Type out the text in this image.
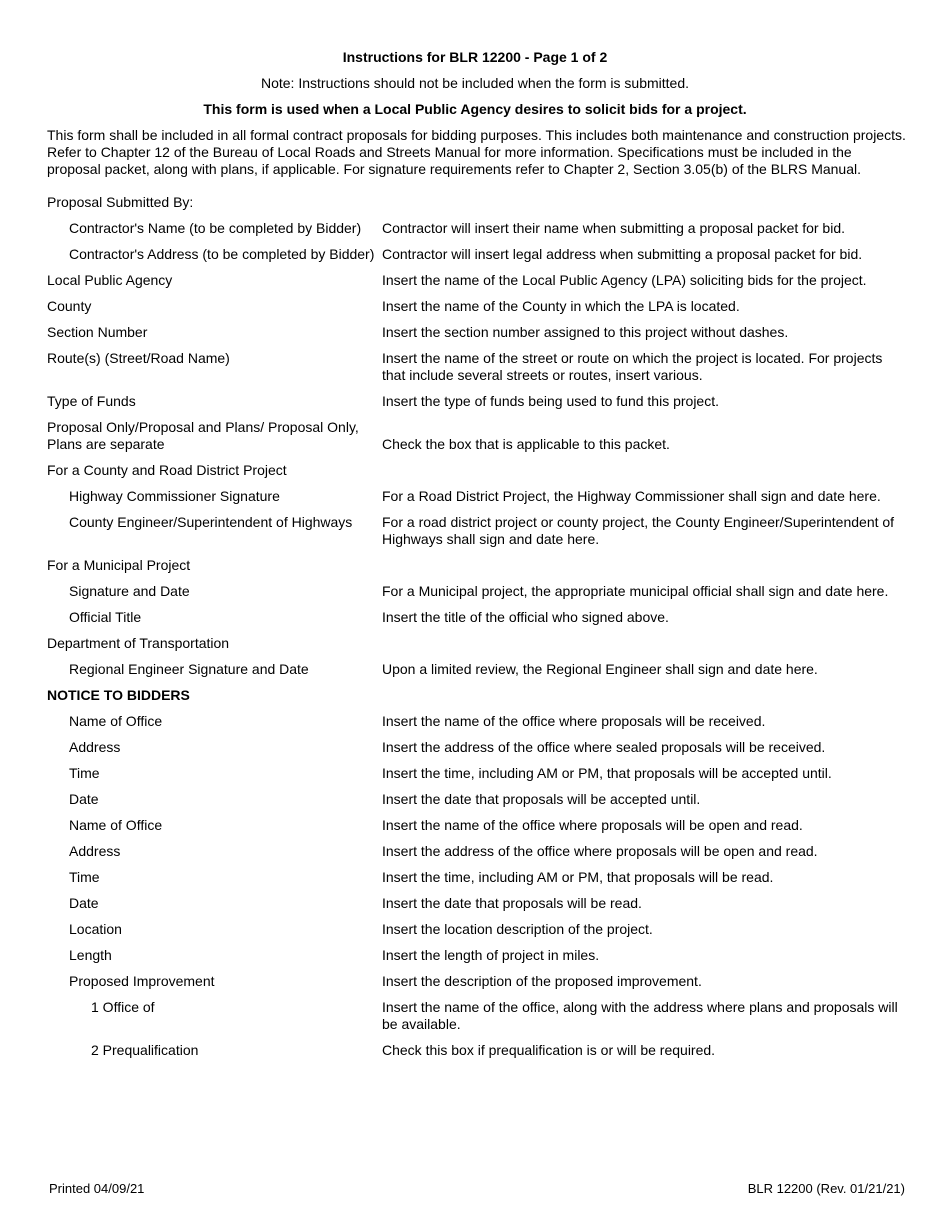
Instructions for BLR 12200 - Page 1 of 2
Note: Instructions should not be included when the form is submitted.
This form is used when a Local Public Agency desires to solicit bids for a project.
This form shall be included in all formal contract proposals for bidding purposes. This includes both maintenance and construction projects. Refer to Chapter 12 of the Bureau of Local Roads and Streets Manual for more information. Specifications must be included in the proposal packet, along with plans, if applicable. For signature requirements refer to Chapter 2, Section 3.05(b) of the BLRS Manual.
Proposal Submitted By:
Contractor's Name (to be completed by Bidder)	Contractor will insert their name when submitting a proposal packet for bid.
Contractor's Address (to be completed by Bidder) Contractor will insert legal address when submitting a proposal packet for bid.
Local Public Agency	Insert the name of the Local Public Agency (LPA) soliciting bids for the project.
County	Insert the name of the County in which the LPA is located.
Section Number	Insert the section number assigned to this project without dashes.
Route(s) (Street/Road Name)	Insert the name of the street or route on which the project is located. For projects that include several streets or routes, insert various.
Type of Funds	Insert the type of funds being used to fund this project.
Proposal Only/Proposal and Plans/ Proposal Only, Plans are separate	Check the box that is applicable to this packet.
For a County and Road District Project
Highway Commissioner Signature	For a Road District Project, the Highway Commissioner shall sign and date here.
County Engineer/Superintendent of Highways	For a road district project or county project, the County Engineer/Superintendent of Highways shall sign and date here.
For a Municipal Project
Signature and Date	For a Municipal project, the appropriate municipal official shall sign and date here.
Official Title	Insert the title of the official who signed above.
Department of Transportation
Regional Engineer Signature and Date	Upon a limited review, the Regional Engineer shall sign and date here.
NOTICE TO BIDDERS
Name of Office	Insert the name of the office where proposals will be received.
Address	Insert the address of the office where sealed proposals will be received.
Time	Insert the time, including AM or PM, that proposals will be accepted until.
Date	Insert the date that proposals will be accepted until.
Name of Office	Insert the name of the office where proposals will be open and read.
Address	Insert the address of the office where proposals will be open and read.
Time	Insert the time, including AM or PM, that proposals will be read.
Date	Insert the date that proposals will be read.
Location	Insert the location description of the project.
Length	Insert the length of project in miles.
Proposed Improvement	Insert the description of the proposed improvement.
1 Office of	Insert the name of the office, along with the address where plans and proposals will be available.
2 Prequalification	Check this box if prequalification is or will be required.
Printed 04/09/21	BLR 12200 (Rev. 01/21/21)
